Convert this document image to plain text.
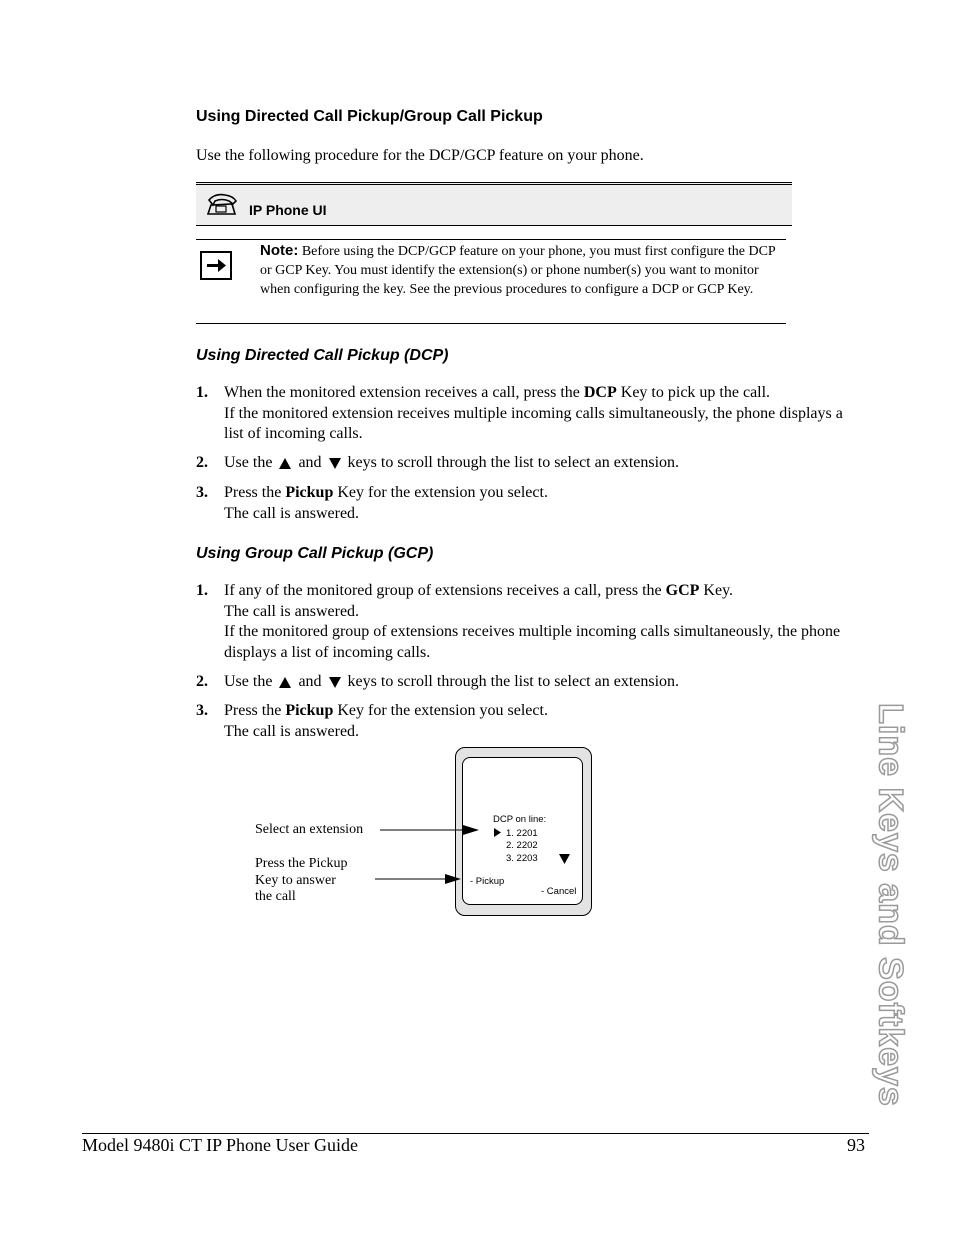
Using Directed Call Pickup/Group Call Pickup
Use the following procedure for the DCP/GCP feature on your phone.
IP Phone UI
Note: Before using the DCP/GCP feature on your phone, you must first configure the DCP or GCP Key. You must identify the extension(s) or phone number(s) you want to monitor when configuring the key. See the previous procedures to configure a DCP or GCP Key.
Using Directed Call Pickup (DCP)
1. When the monitored extension receives a call, press the DCP Key to pick up the call.
If the monitored extension receives multiple incoming calls simultaneously, the phone displays a list of incoming calls.
2. Use the  and  keys to scroll through the list to select an extension.
3. Press the Pickup Key for the extension you select.
The call is answered.
Using Group Call Pickup (GCP)
1. If any of the monitored group of extensions receives a call, press the GCP Key.
The call is answered.
If the monitored group of extensions receives multiple incoming calls simultaneously, the phone displays a list of incoming calls.
2. Use the  and  keys to scroll through the list to select an extension.
3. Press the Pickup Key for the extension you select.
The call is answered.
DCP on line:
1. 2201
2. 2202
3. 2203
- Pickup
- Cancel
Select an extension
Press the Pickup
Key to answer
the call	Line Keys and Softkeys
Model 9480i CT IP Phone User Guide	93
